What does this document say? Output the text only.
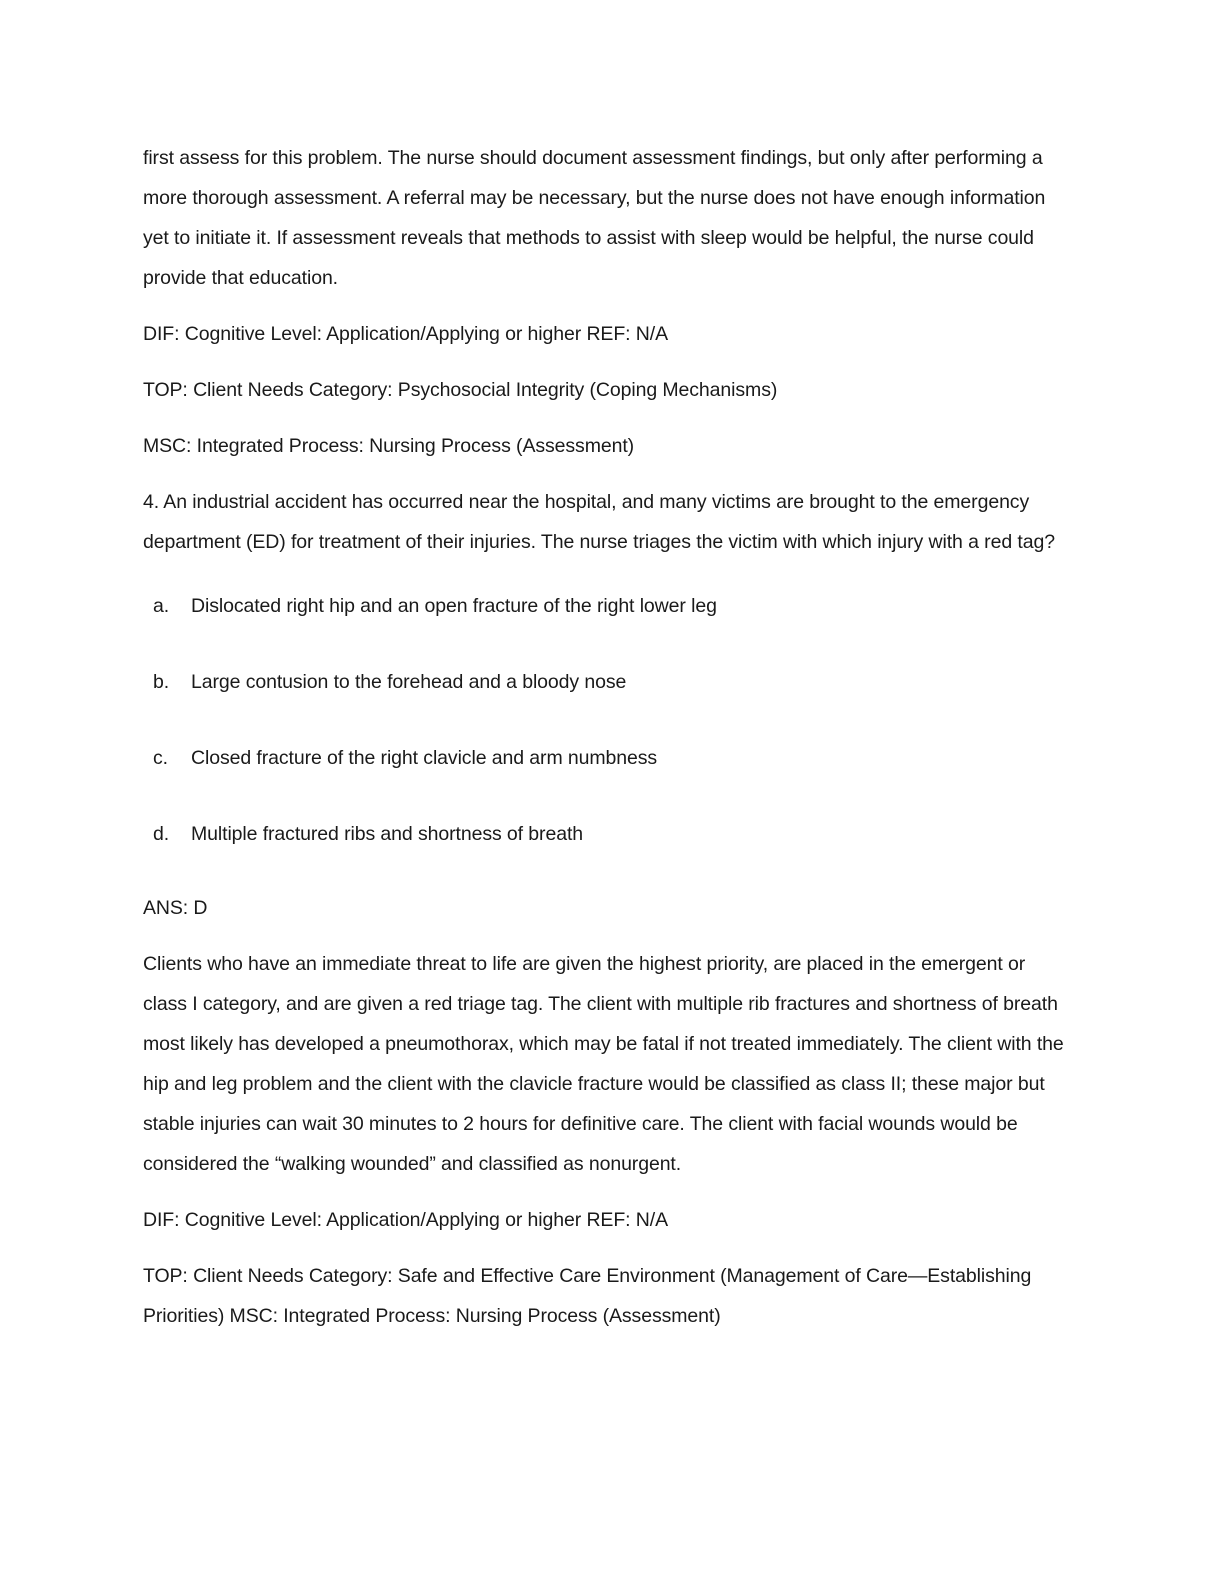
first assess for this problem. The nurse should document assessment findings, but only after performing a more thorough assessment. A referral may be necessary, but the nurse does not have enough information yet to initiate it. If assessment reveals that methods to assist with sleep would be helpful, the nurse could provide that education.

DIF: Cognitive Level: Application/Applying or higher REF: N/A

TOP: Client Needs Category: Psychosocial Integrity (Coping Mechanisms)

MSC: Integrated Process: Nursing Process (Assessment)

4. An industrial accident has occurred near the hospital, and many victims are brought to the emergency department (ED) for treatment of their injuries. The nurse triages the victim with which injury with a red tag?

a.	Dislocated right hip and an open fracture of the right lower leg
b.	Large contusion to the forehead and a bloody nose
c.	Closed fracture of the right clavicle and arm numbness
d.	Multiple fractured ribs and shortness of breath

ANS: D

Clients who have an immediate threat to life are given the highest priority, are placed in the emergent or class I category, and are given a red triage tag. The client with multiple rib fractures and shortness of breath most likely has developed a pneumothorax, which may be fatal if not treated immediately. The client with the hip and leg problem and the client with the clavicle fracture would be classified as class II; these major but stable injuries can wait 30 minutes to 2 hours for definitive care. The client with facial wounds would be considered the “walking wounded” and classified as nonurgent.

DIF: Cognitive Level: Application/Applying or higher REF: N/A

TOP: Client Needs Category: Safe and Effective Care Environment (Management of Care—Establishing Priorities) MSC: Integrated Process: Nursing Process (Assessment)
